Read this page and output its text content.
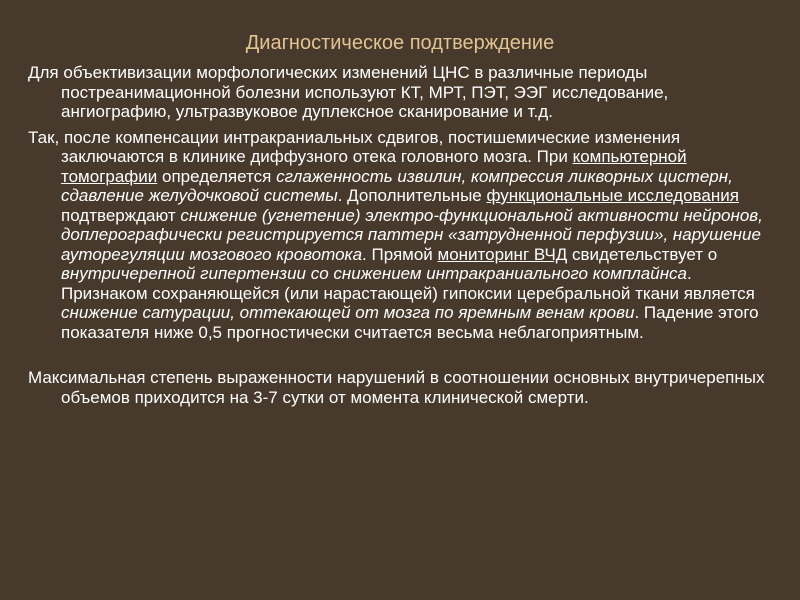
Диагностическое подтверждение

Для объективизации морфологических изменений ЦНС в различные периоды постреанимационной болезни используют КТ, МРТ, ПЭТ, ЭЭГ исследование, ангиографию, ультразвуковое дуплексное сканирование и т.д.

Так, после компенсации интракраниальных сдвигов, постишемические изменения заключаются в клинике диффузного отека головного мозга. При компьютерной томографии определяется сглаженность извилин, компрессия ликворных цистерн, сдавление желудочковой системы. Дополнительные функциональные исследования подтверждают снижение (угнетение) электро-функциональной активности нейронов, доплерографически регистрируется паттерн «затрудненной перфузии», нарушение ауторегуляции мозгового кровотока. Прямой мониторинг ВЧД свидетельствует о внутричерепной гипертензии со снижением интракраниального комплайнса. Признаком сохраняющейся (или нарастающей) гипоксии церебральной ткани является снижение сатурации, оттекающей от мозга по яремным венам крови. Падение этого показателя ниже 0,5 прогностически считается весьма неблагоприятным.

Максимальная степень выраженности нарушений в соотношении основных внутричерепных объемов приходится на 3-7 сутки от момента клинической смерти.
